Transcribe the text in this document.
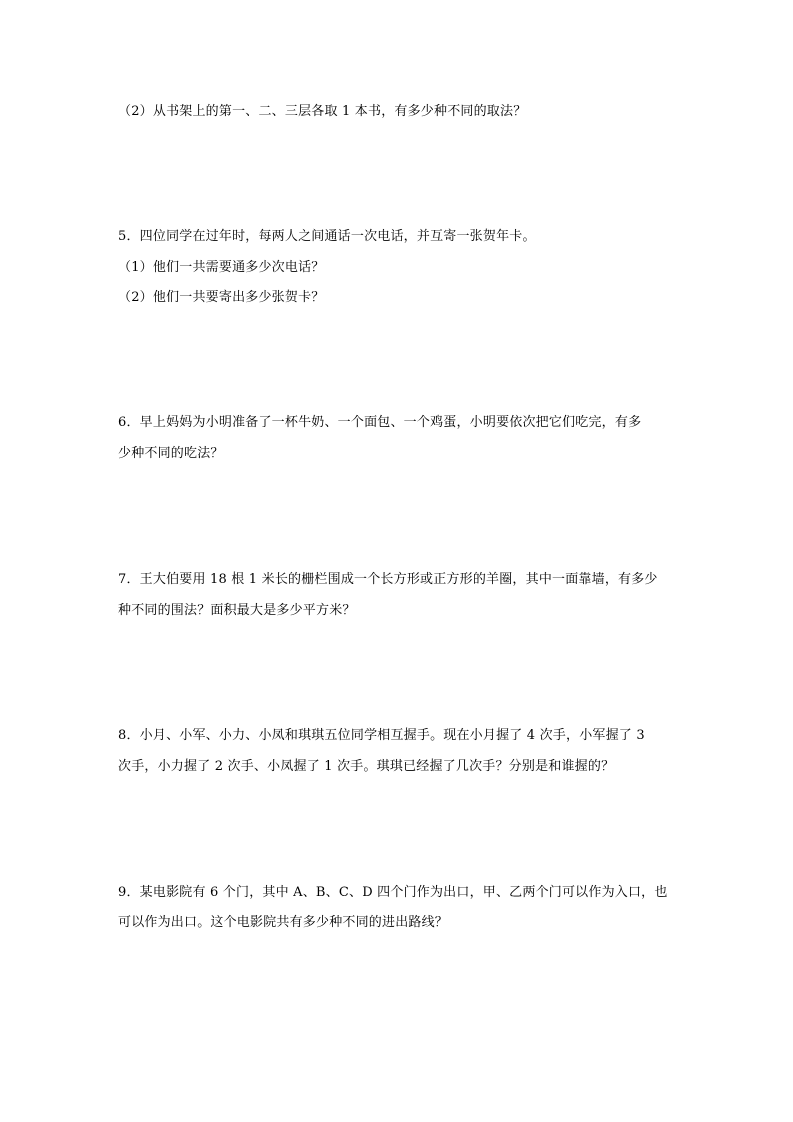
（2）从书架上的第一、二、三层各取 1 本书，有多少种不同的取法？

5．四位同学在过年时，每两人之间通话一次电话，并互寄一张贺年卡。

（1）他们一共需要通多少次电话？

（2）他们一共要寄出多少张贺卡？

6．早上妈妈为小明准备了一杯牛奶、一个面包、一个鸡蛋，小明要依次把它们吃完，有多

少种不同的吃法？

7．王大伯要用 18 根 1 米长的栅栏围成一个长方形或正方形的羊圈，其中一面靠墙，有多少

种不同的围法？面积最大是多少平方米？

8．小月、小军、小力、小凤和琪琪五位同学相互握手。现在小月握了 4 次手，小军握了 3

次手，小力握了 2 次手、小凤握了 1 次手。琪琪已经握了几次手？分别是和谁握的？

9．某电影院有 6 个门，其中 A、B、C、D 四个门作为出口，甲、乙两个门可以作为入口，也

可以作为出口。这个电影院共有多少种不同的进出路线？
